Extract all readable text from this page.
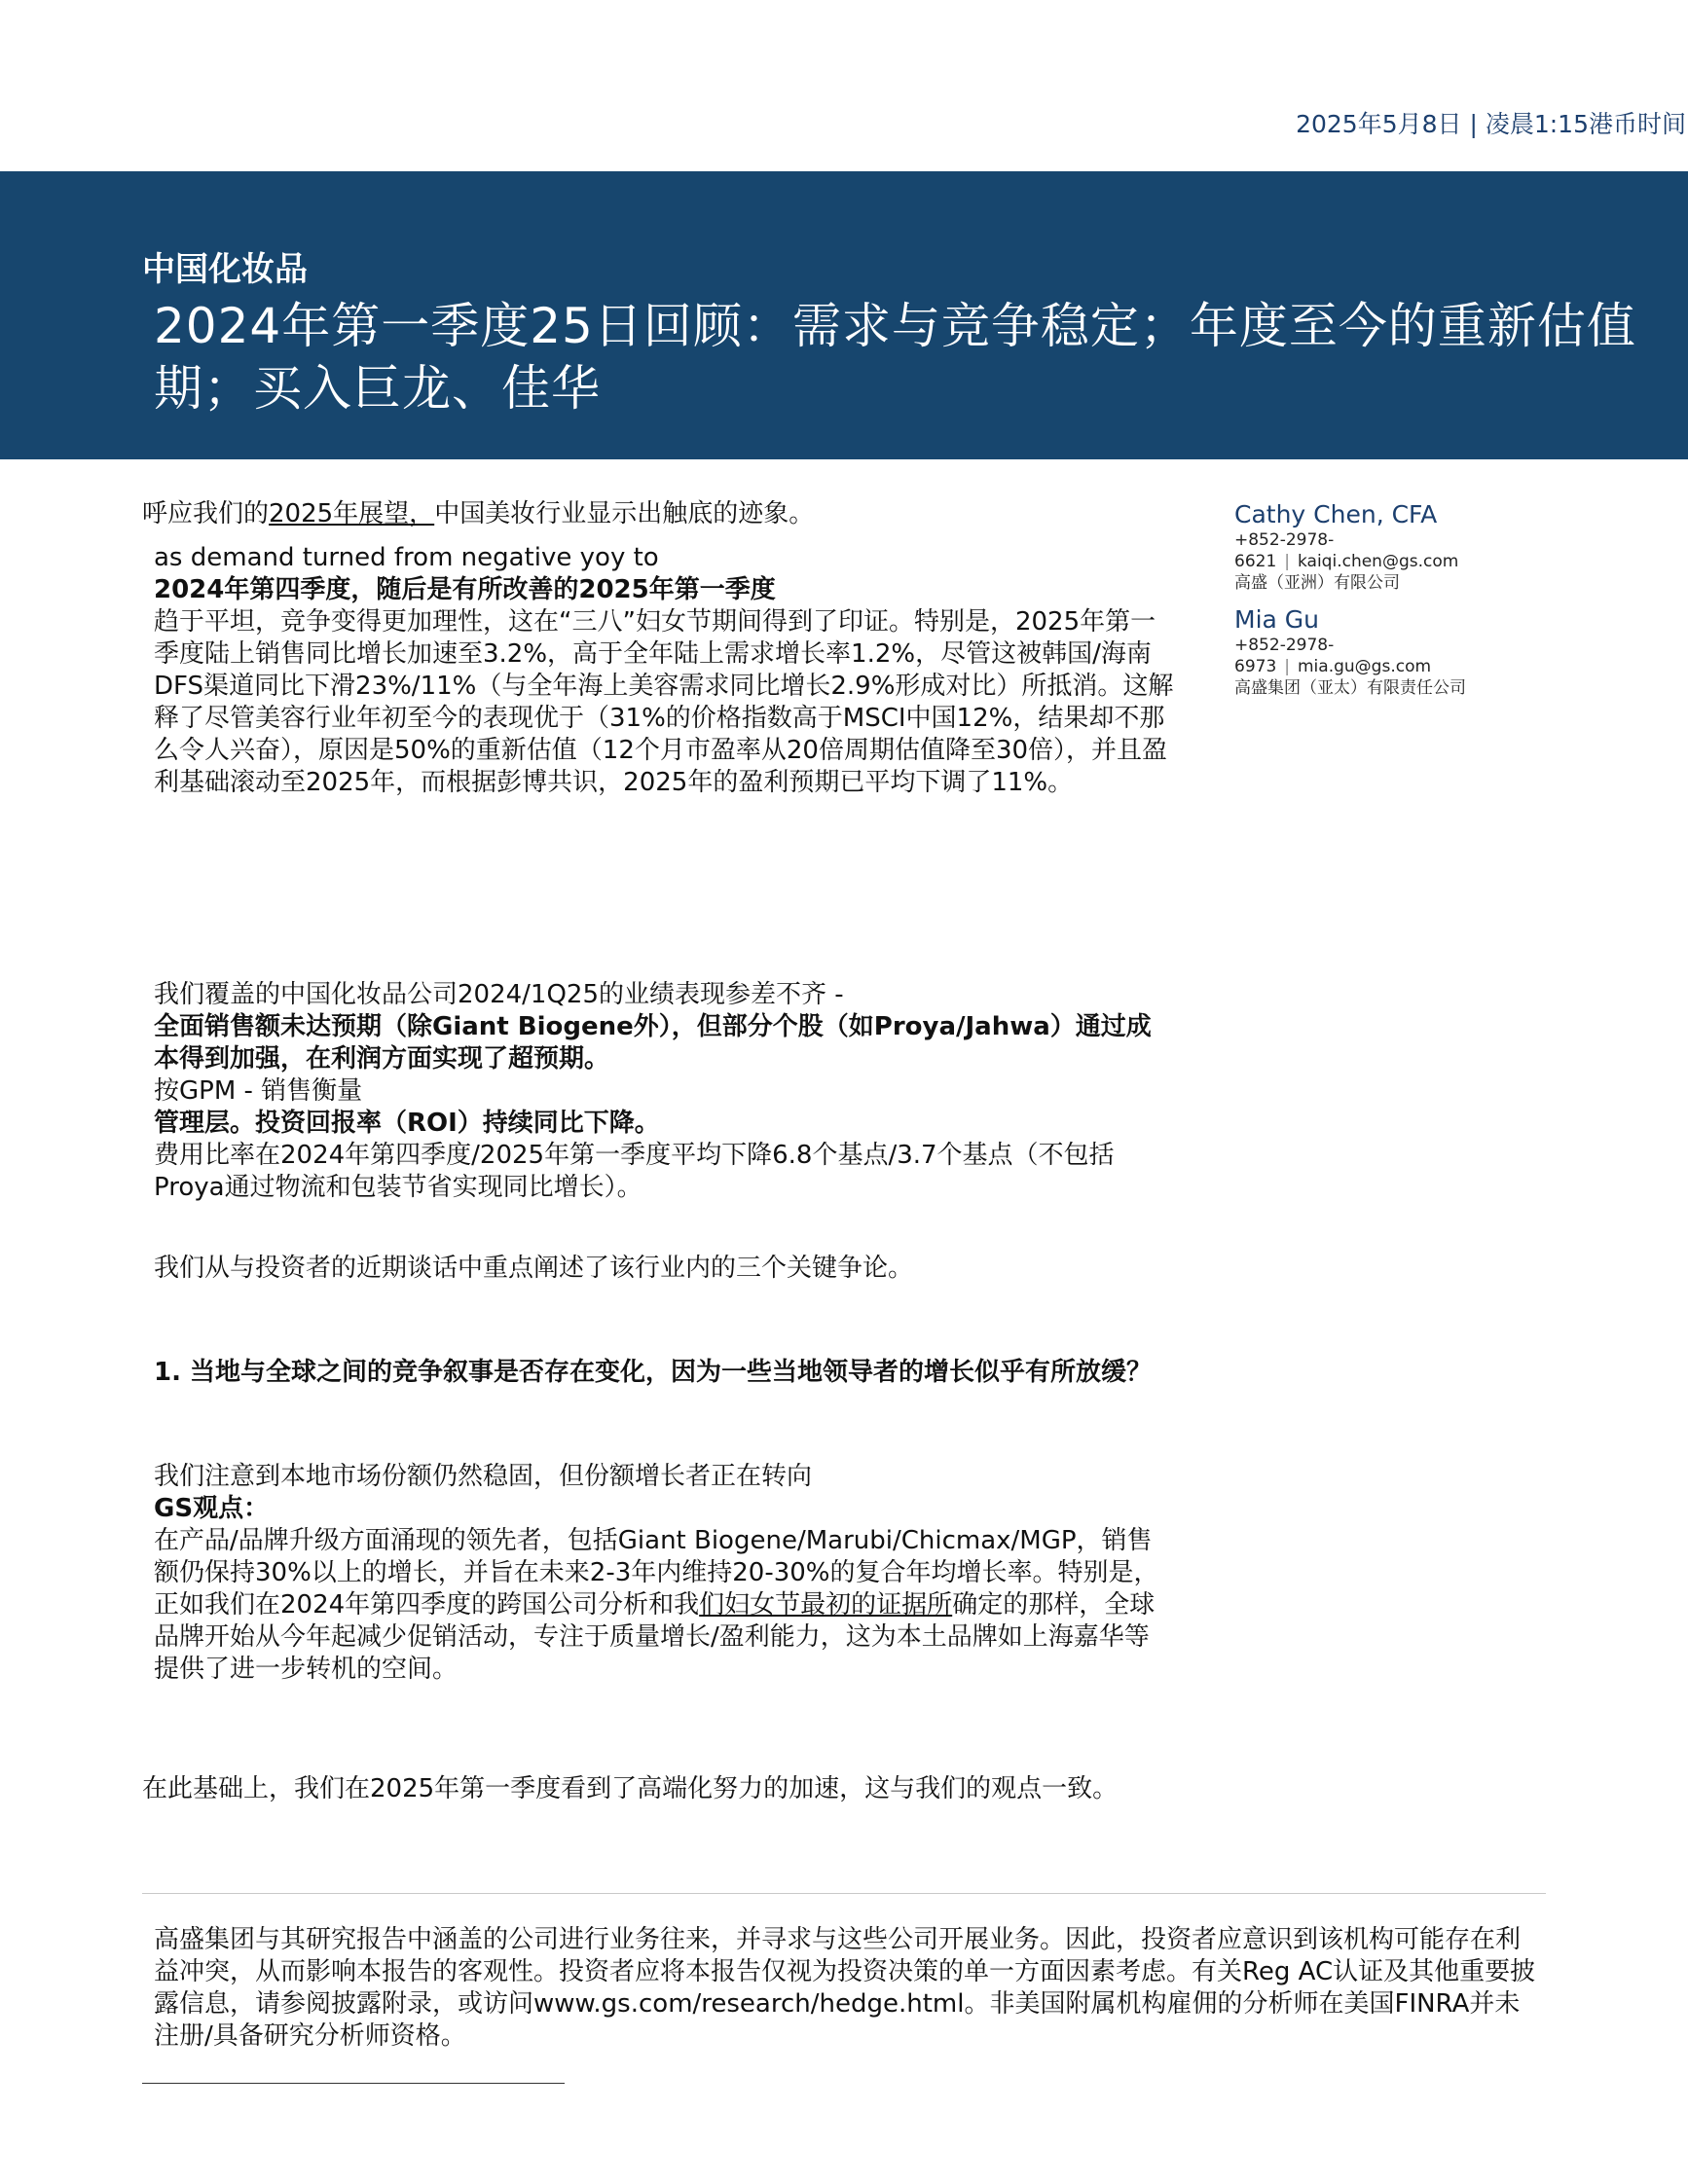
2025年5月8日 | 凌晨1:15港币时间
中国化妆品
2024年第一季度25日回顾：需求与竞争稳定；年度至今的重新估值期；买入巨龙、佳华
Cathy Chen, CFA
+852-2978-6621 | kaiqi.chen@gs.com
高盛（亚洲）有限公司
Mia Gu
+852-2978-6973 | mia.gu@gs.com
高盛集团（亚太）有限责任公司
呼应我们的2025年展望，中国美妆行业显示出触底的迹象。
as demand turned from negative yoy to
2024年第四季度，随后是有所改善的2025年第一季度
趋于平坦，竞争变得更加理性，这在“三八”妇女节期间得到了印证。特别是，2025年第一季度陆上销售同比增长加速至3.2%，高于全年陆上需求增长率1.2%，尽管这被韩国/海南DFS渠道同比下滑23%/11%（与全年海上美容需求同比增长2.9%形成对比）所抵消。这解释了尽管美容行业年初至今的表现优于（31%的价格指数高于MSCI中国12%，结果却不那么令人兴奋），原因是50%的重新估值（12个月市盈率从20倍周期估值降至30倍），并且盈利基础滚动至2025年，而根据彭博共识，2025年的盈利预期已平均下调了11%。
我们覆盖的中国化妆品公司2024/1Q25的业绩表现参差不齐 -
全面销售额未达预期（除Giant Biogene外），但部分个股（如Proya/Jahwa）通过成本得到加强，在利润方面实现了超预期。
按GPM - 销售衡量
管理层。投资回报率（ROI）持续同比下降。
费用比率在2024年第四季度/2025年第一季度平均下降6.8个基点/3.7个基点（不包括Proya通过物流和包装节省实现同比增长）。
我们从与投资者的近期谈话中重点阐述了该行业内的三个关键争论。
1. 当地与全球之间的竞争叙事是否存在变化，因为一些当地领导者的增长似乎有所放缓？
我们注意到本地市场份额仍然稳固，但份额增长者正在转向
GS观点：
在产品/品牌升级方面涌现的领先者，包括Giant Biogene/Marubi/Chicmax/MGP，销售额仍保持30%以上的增长，并旨在未来2-3年内维持20-30%的复合年均增长率。特别是，正如我们在2024年第四季度的跨国公司分析和我们妇女节最初的证据所确定的那样，全球品牌开始从今年起减少促销活动，专注于质量增长/盈利能力，这为本土品牌如上海嘉华等提供了进一步转机的空间。
在此基础上，我们在2025年第一季度看到了高端化努力的加速，这与我们的观点一致。
高盛集团与其研究报告中涵盖的公司进行业务往来，并寻求与这些公司开展业务。因此，投资者应意识到该机构可能存在利益冲突，从而影响本报告的客观性。投资者应将本报告仅视为投资决策的单一方面因素考虑。有关Reg AC认证及其他重要披露信息，请参阅披露附录，或访问www.gs.com/research/hedge.html。非美国附属机构雇佣的分析师在美国FINRA并未注册/具备研究分析师资格。
